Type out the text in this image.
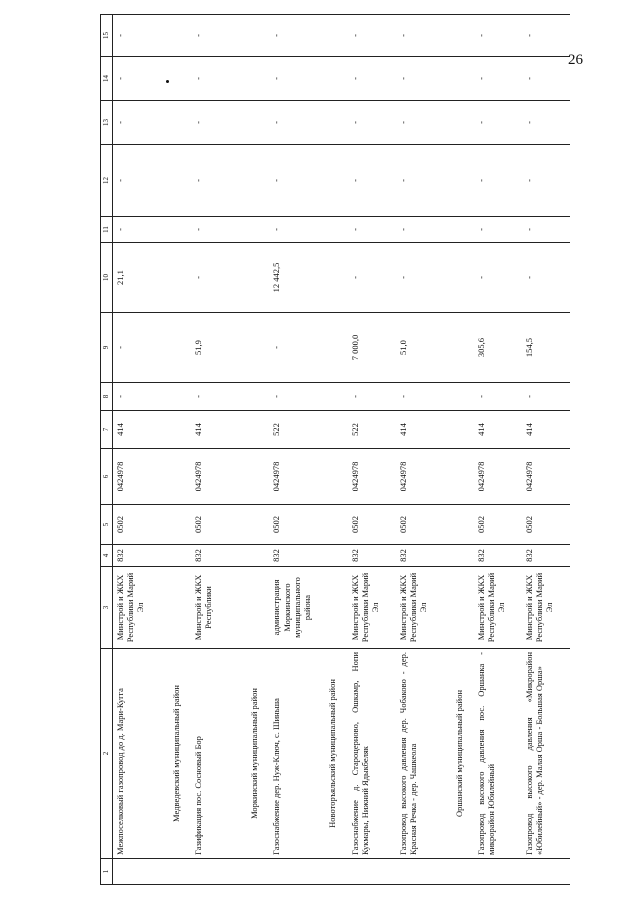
26
1	2	3	4	5	6	7	8	9	10	11	12	13	14	15
	Межпоселковый газопровод до д. Мари-Кугга	Минстрой и ЖКХ Республики Марий Эл	832	0502	0424978	414	-	-	21,1	-	-	-	-	-
	Медведевский муниципальный район													
	Газификация пос. Сосновый Бор	Минстрой и ЖКХ Республики	832	0502	0424978	414	-	51,9	-	-	-	-	-	-
	Моркинский муниципальный район													
	Газоснабжение дер. Нуж-Ключ, с. Шиньша	администрация Моркинского муниципального района	832	0502	0424978	522	-	-	12 442,5	-	-	-	-	-
	Новоторъяльский муниципальный район													
	Газоснабжение д. Староцерново, Ошкамр, Нопи Кукмары, Нижний Ядыкбеляк	Минстрой и ЖКХ Республики Марий Эл	832	0502	0424978	522	-	7 000,0	-	-	-	-	-	-
	Газопровод высокого давления дер. Чобаково - дер. Красная Речка - дер. Чашкеола	Минстрой и ЖКХ Республики Марий Эл	832	0502	0424978	414	-	51,0	-	-	-	-	-	-
	Оршанский муниципальный район													
	Газопровод высокого давления пос. Оршанка - микрорайон Юбилейный	Минстрой и ЖКХ Республики Марий Эл	832	0502	0424978	414	-	305,6	-	-	-	-	-	-
	Газопровод высокого давления «Микрорайон «Юбилейный» - дер. Малая Орша - Большая Орша»	Минстрой и ЖКХ Республики Марий Эл	832	0502	0424978	414	-	154,5	-	-	-	-	-	-
